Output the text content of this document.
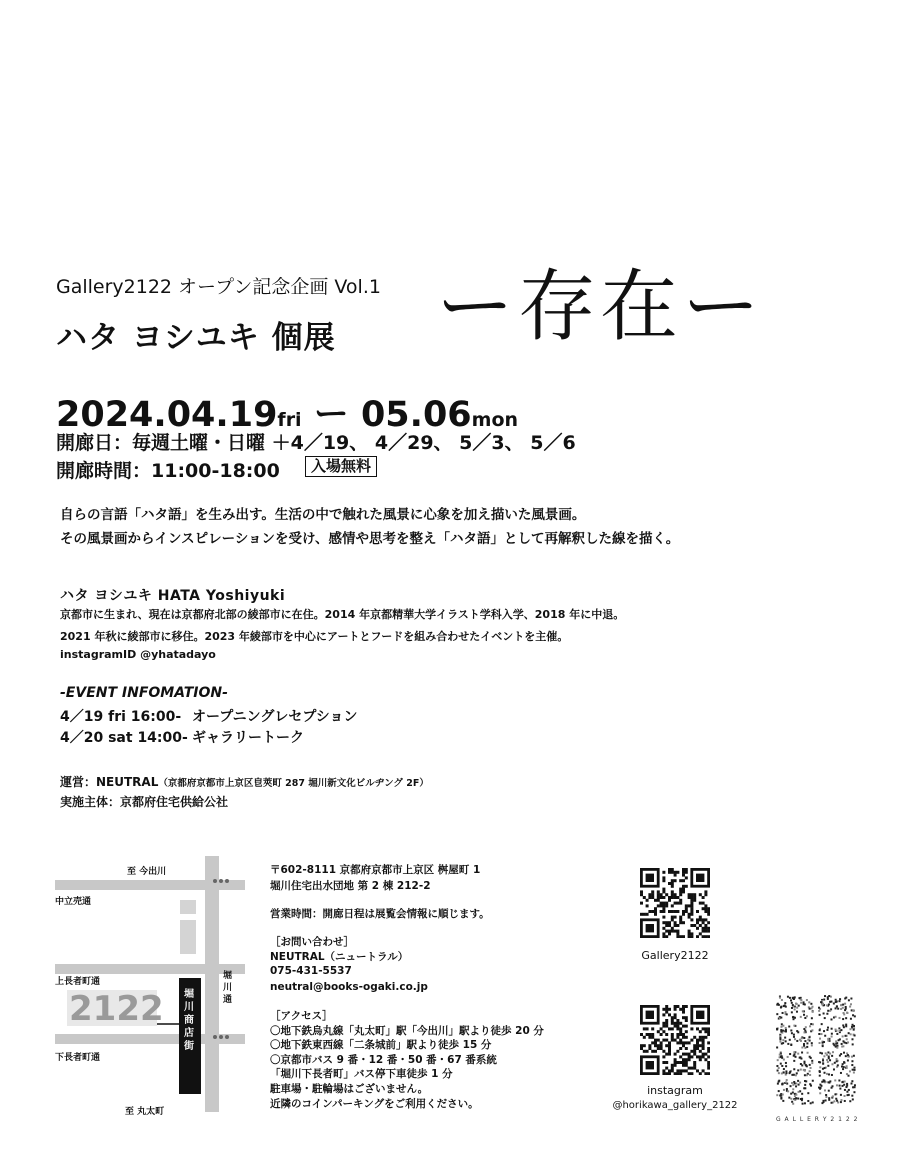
Gallery2122 オープン記念企画 Vol.1
ハタ ヨシユキ 個展 ー存在ー
2024.04.19fri ー 05.06mon
開廊日：毎週土曜・日曜 ＋4／19、 4／29、 5／3、 5／6
開廊時間：11:00-18:00	入場無料
自らの言語「ハタ語」を生み出す。生活の中で触れた風景に心象を加え描いた風景画。
その風景画からインスピレーションを受け、感情や思考を整え「ハタ語」として再解釈した線を描く。
ハタ ヨシユキ HATA Yoshiyuki
京都市に生まれ、現在は京都府北部の綾部市に在住。2014 年京都精華大学イラスト学科入学、2018 年に中退。
2021 年秋に綾部市に移住。2023 年綾部市を中心にアートとフードを組み合わせたイベントを主催。
instagramID @yhatadayo
-EVENT INFOMATION-
4／19 fri 16:00- オープニングレセプション
4／20 sat 14:00- ギャラリートーク
運営：NEUTRAL（京都府京都市上京区皀莢町 287 堀川新文化ビルヂング 2F）
実施主体：京都府住宅供給公社
2122
至 今出川
中立売通
上長者町通
下長者町通
至 丸太町
堀川通
堀川商店街
〒602-8111 京都府京都市上京区 桝屋町 1
堀川住宅出水団地 第 2 棟 212-2
営業時間：開廊日程は展覧会情報に順じます。
［お問い合わせ］
NEUTRAL（ニュートラル）
075-431-5537
neutral@books-ogaki.co.jp
［アクセス］
〇地下鉄烏丸線「丸太町」駅「今出川」駅より徒歩 20 分
〇地下鉄東西線「二条城前」駅より徒歩 15 分
〇京都市バス 9 番・12 番・50 番・67 番系統
「堀川下長者町」バス停下車徒歩 1 分
駐車場・駐輪場はございません。
近隣のコインパーキングをご利用ください。
Gallery2122
instagram
@horikawa_gallery_2122
G A L L E R Y 2 1 2 2
